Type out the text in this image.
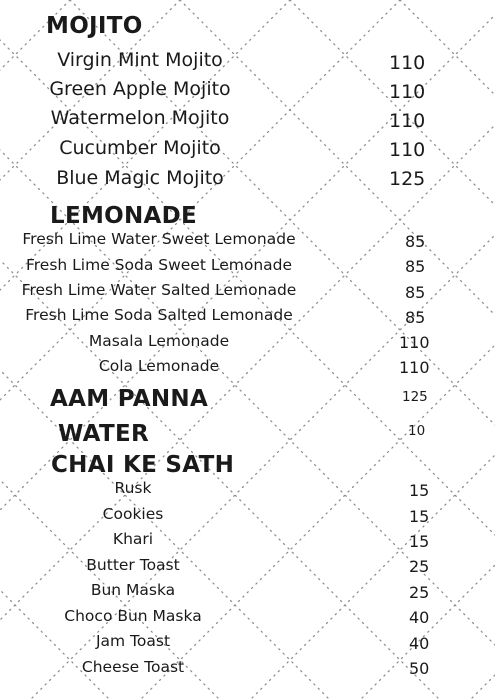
MOJITO
Virgin Mint Mojito	110
Green Apple Mojito	110
Watermelon Mojito	110
Cucumber Mojito	110
Blue Magic Mojito	125
LEMONADE
Fresh Lime Water Sweet Lemonade	85
Fresh Lime Soda Sweet Lemonade	85
Fresh Lime Water Salted Lemonade	85
Fresh Lime Soda Salted Lemonade	85
Masala Lemonade	110
Cola Lemonade	110
AAM PANNA	125
WATER	10
CHAI KE SATH
Rusk	15
Cookies	15
Khari	15
Butter Toast	25
Bun Maska	25
Choco Bun Maska	40
Jam Toast	40
Cheese Toast	50
